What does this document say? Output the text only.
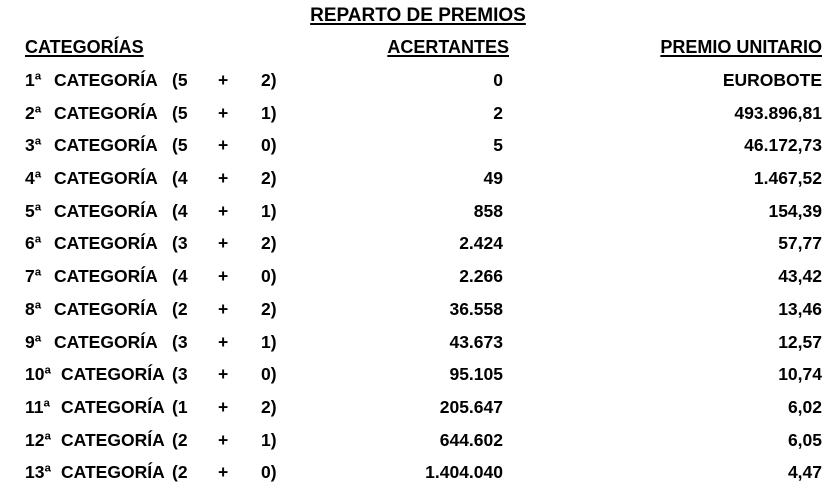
REPARTO DE PREMIOS
CATEGORÍAS	ACERTANTES	PREMIO UNITARIO
1ª CATEGORÍA (5 + 2)	0	EUROBOTE
2ª CATEGORÍA (5 + 1)	2	493.896,81
3ª CATEGORÍA (5 + 0)	5	46.172,73
4ª CATEGORÍA (4 + 2)	49	1.467,52
5ª CATEGORÍA (4 + 1)	858	154,39
6ª CATEGORÍA (3 + 2)	2.424	57,77
7ª CATEGORÍA (4 + 0)	2.266	43,42
8ª CATEGORÍA (2 + 2)	36.558	13,46
9ª CATEGORÍA (3 + 1)	43.673	12,57
10ª CATEGORÍA (3 + 0)	95.105	10,74
11ª CATEGORÍA (1 + 2)	205.647	6,02
12ª CATEGORÍA (2 + 1)	644.602	6,05
13ª CATEGORÍA (2 + 0)	1.404.040	4,47
